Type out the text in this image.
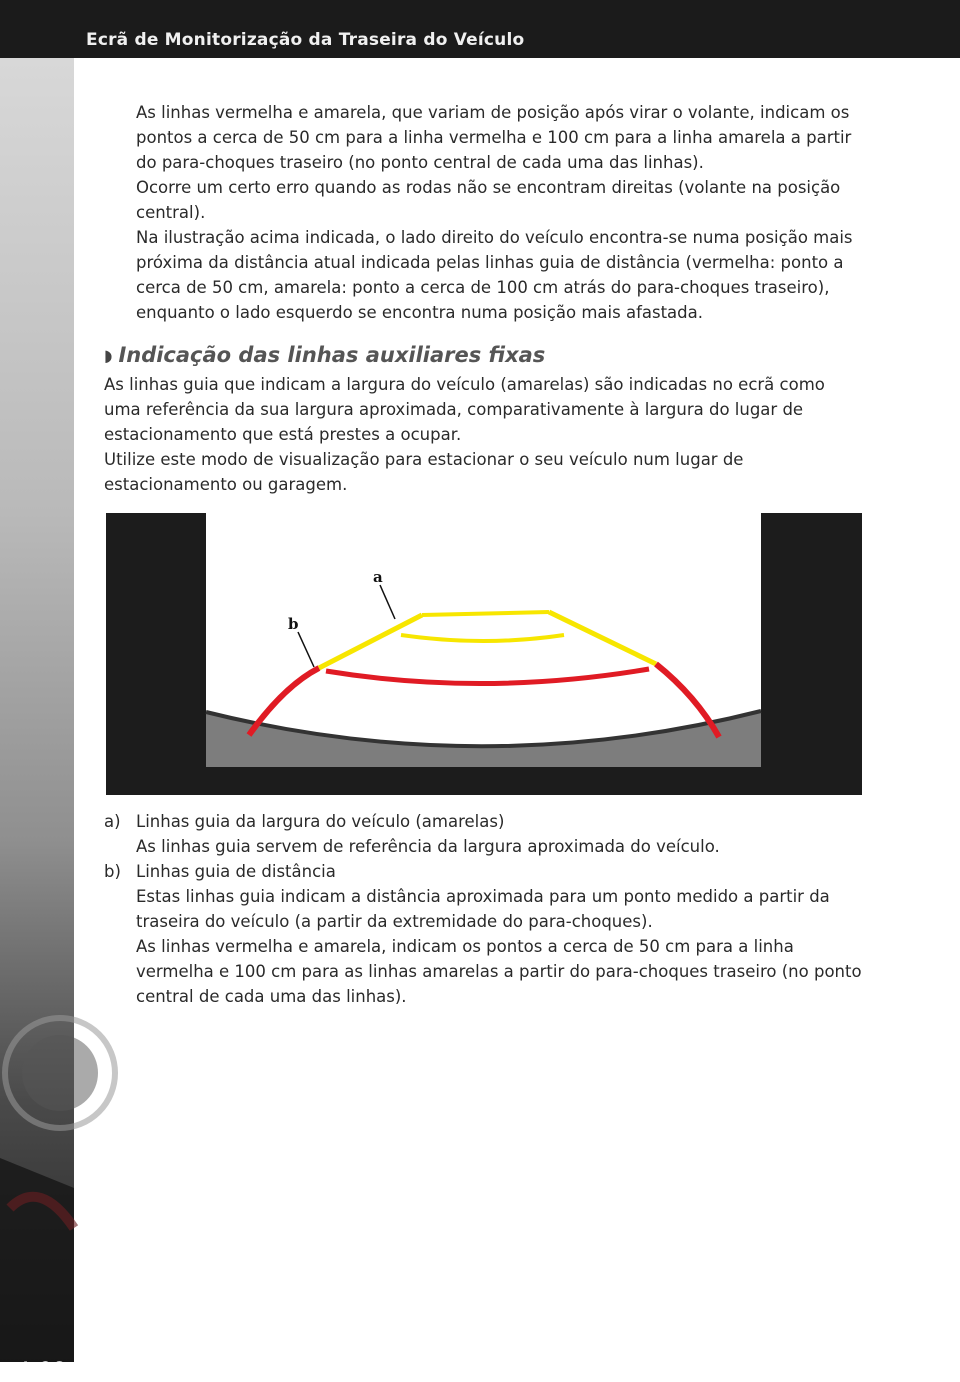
Ecrã de Monitorização da Traseira do Veículo
4-98

As linhas vermelha e amarela, que variam de posição após virar o volante, indicam os pontos a cerca de 50 cm para a linha vermelha e 100 cm para a linha amarela a partir do para-choques traseiro (no ponto central de cada uma das linhas).

Ocorre um certo erro quando as rodas não se encontram direitas (volante na posição central).

Na ilustração acima indicada, o lado direito do veículo encontra-se numa posição mais próxima da distância atual indicada pelas linhas guia de distância (vermelha: ponto a cerca de 50 cm, amarela: ponto a cerca de 100 cm atrás do para-choques traseiro), enquanto o lado esquerdo se encontra numa posição mais afastada.

◗ Indicação das linhas auxiliares fixas

As linhas guia que indicam a largura do veículo (amarelas) são indicadas no ecrã como uma referência da sua largura aproximada, comparativamente à largura do lugar de estacionamento que está prestes a ocupar.

Utilize este modo de visualização para estacionar o seu veículo num lugar de estacionamento ou garagem.

a
b
a) Linhas guia da largura do veículo (amarelas)
As linhas guia servem de referência da largura aproximada do veículo.
b) Linhas guia de distância
Estas linhas guia indicam a distância aproximada para um ponto medido a partir da traseira do veículo (a partir da extremidade do para-choques).
As linhas vermelha e amarela, indicam os pontos a cerca de 50 cm para a linha vermelha e 100 cm para as linhas amarelas a partir do para-choques traseiro (no ponto central de cada uma das linhas).
